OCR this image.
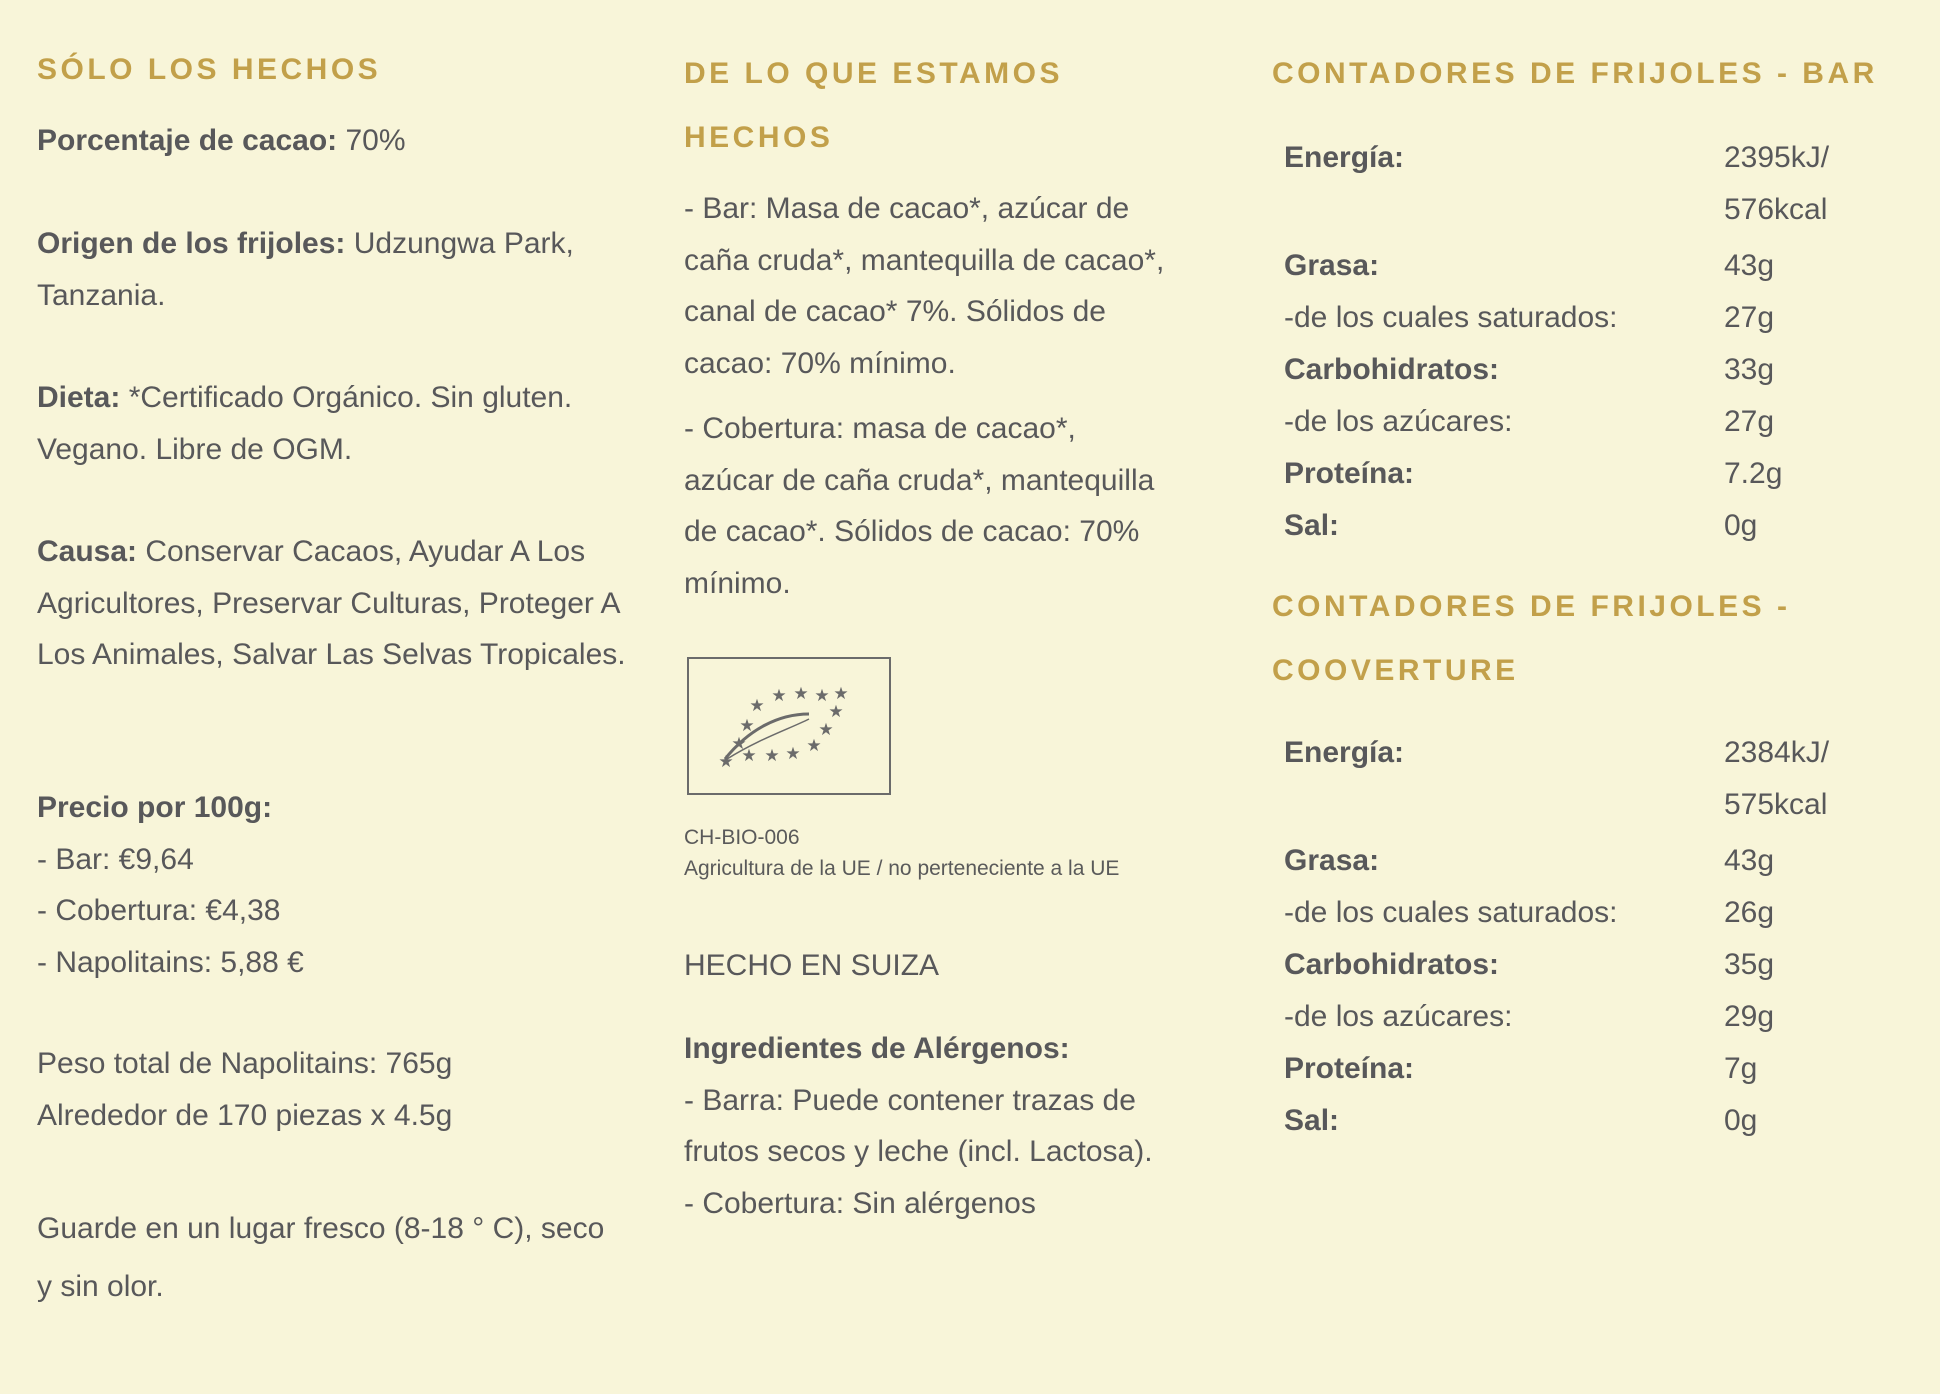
SÓLO LOS HECHOS

Porcentaje de cacao: 70%

Origen de los frijoles: Udzungwa Park, Tanzania.

Dieta: *Certificado Orgánico. Sin gluten. Vegano. Libre de OGM.

Causa: Conservar Cacaos, Ayudar A Los Agricultores, Preservar Culturas, Proteger A Los Animales, Salvar Las Selvas Tropicales.

Precio por 100g:

- Bar: €9,64

- Cobertura: €4,38

- Napolitains: 5,88 €

Peso total de Napolitains: 765g

Alrededor de 170 piezas x 4.5g

Guarde en un lugar fresco (8-18 ° C), seco y sin olor.

DE LO QUE ESTAMOS HECHOS

- Bar: Masa de cacao*, azúcar de caña cruda*, mantequilla de cacao*, canal de cacao* 7%. Sólidos de cacao: 70% mínimo.

- Cobertura: masa de cacao*, azúcar de caña cruda*, mantequilla de cacao*. Sólidos de cacao: 70% mínimo.

★ ★ ★ ★ ★
★
★
★
★
★ ★ ★ ★ ★

CH-BIO-006

Agricultura de la UE / no perteneciente a la UE

HECHO EN SUIZA

Ingredientes de Alérgenos:

- Barra: Puede contener trazas de frutos secos y leche (incl. Lactosa).

- Cobertura: Sin alérgenos

CONTADORES DE FRIJOLES - BAR
Energía:	2395kJ/ 576kcal
Grasa:	43g
-de los cuales saturados:	27g
Carbohidratos:	33g
-de los azúcares:	27g
Proteína:	7.2g
Sal:	0g
CONTADORES DE FRIJOLES - COOVERTURE
Energía:	2384kJ/ 575kcal
Grasa:	43g
-de los cuales saturados:	26g
Carbohidratos:	35g
-de los azúcares:	29g
Proteína:	7g
Sal:	0g
